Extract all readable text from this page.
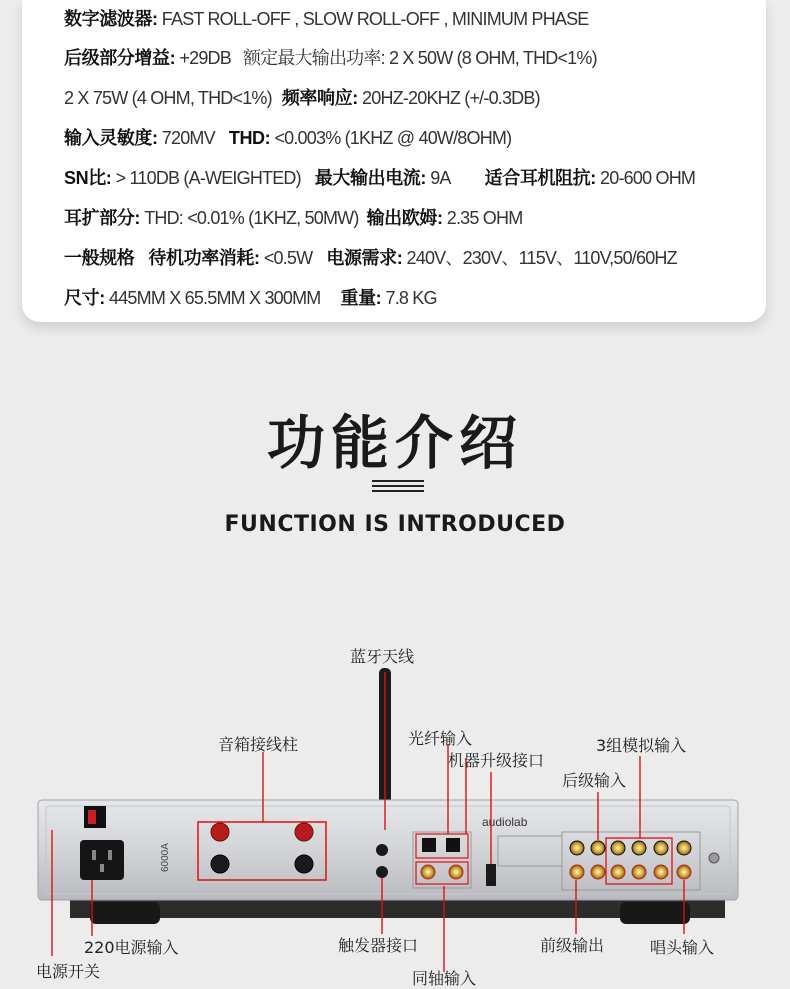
数字滤波器: FAST ROLL-OFF , SLOW ROLL-OFF , MINIMUM PHASE
后级部分增益: +29DB 额定最大输出功率: 2 X 50W (8 OHM, THD<1%)
2 X 75W (4 OHM, THD<1%) 频率响应: 20HZ-20KHZ (+/-0.3DB)
输入灵敏度: 720MV THD: <0.003% (1KHZ @ 40W/8OHM)
SN比: > 110DB (A-WEIGHTED) 最大输出电流: 9A 适合耳机阻抗: 20-600 OHM
耳扩部分: THD: <0.01% (1KHZ, 50MW) 输出欧姆: 2.35 OHM
一般规格 待机功率消耗: <0.5W 电源需求: 240V、230V、115V、110V,50/60HZ
尺寸: 445MM X 65.5MM X 300MM 重量: 7.8 KG
功能介绍
FUNCTION IS INTRODUCED
6000A
audiolab
蓝牙天线
音箱接线柱	光纤输入
机器升级接口
3组模拟输入
后级输入
220电源输入
电源开关
触发器接口
同轴输入
前级输出	唱头输入
